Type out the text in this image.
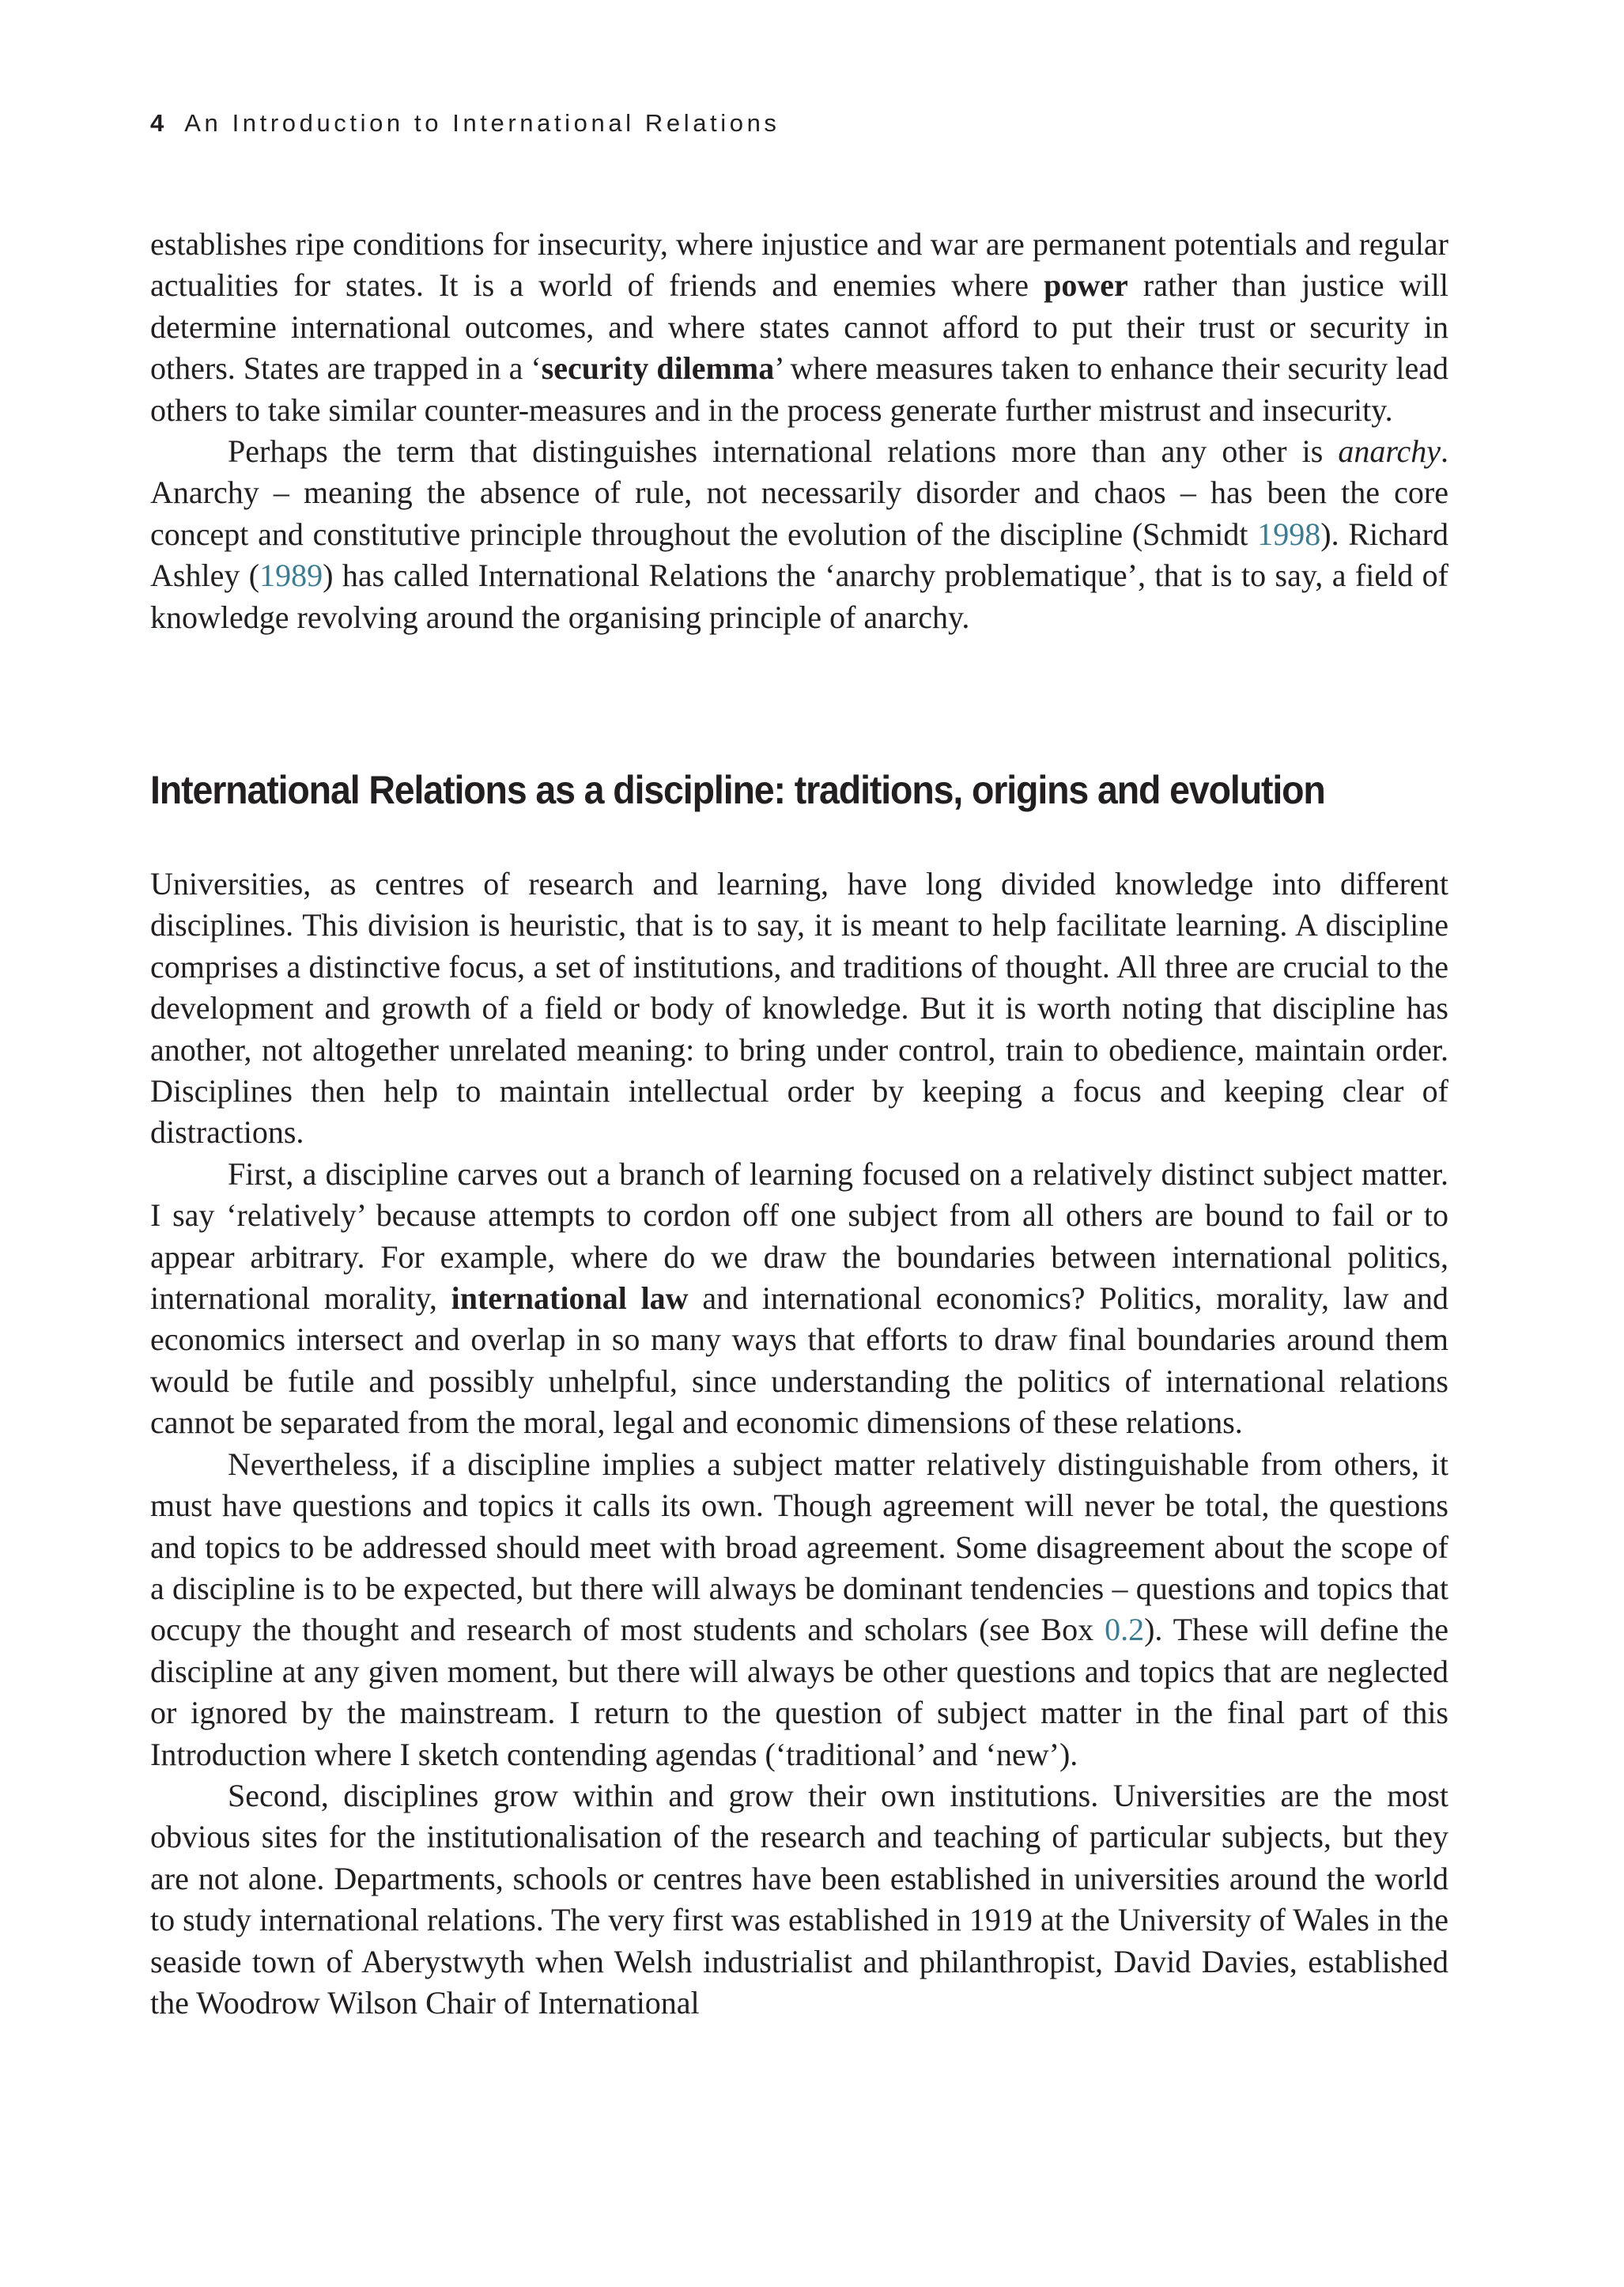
4 An Introduction to International Relations

establishes ripe conditions for insecurity, where injustice and war are permanent potentials and regular actualities for states. It is a world of friends and enemies where power rather than justice will determine international outcomes, and where states cannot afford to put their trust or security in others. States are trapped in a ‘security dilemma’ where measures taken to enhance their security lead others to take similar counter-measures and in the process generate further mistrust and insecurity.

Perhaps the term that distinguishes international relations more than any other is anarchy. Anarchy – meaning the absence of rule, not necessarily disorder and chaos – has been the core concept and constitutive principle throughout the evolution of the discipline (Schmidt 1998). Richard Ashley (1989) has called International Relations the ‘anarchy problematique’, that is to say, a field of knowledge revolving around the organising principle of anarchy.

International Relations as a discipline: traditions, origins and evolution

Universities, as centres of research and learning, have long divided knowledge into different disciplines. This division is heuristic, that is to say, it is meant to help facilitate learning. A discipline comprises a distinctive focus, a set of institutions, and traditions of thought. All three are crucial to the development and growth of a field or body of knowledge. But it is worth noting that discipline has another, not altogether unrelated meaning: to bring under control, train to obedience, maintain order. Disciplines then help to maintain intellectual order by keeping a focus and keeping clear of distractions.

First, a discipline carves out a branch of learning focused on a relatively distinct subject matter. I say ‘relatively’ because attempts to cordon off one subject from all others are bound to fail or to appear arbitrary. For example, where do we draw the boundaries between international politics, international morality, international law and international economics? Politics, morality, law and economics intersect and overlap in so many ways that efforts to draw final boundaries around them would be futile and possibly unhelpful, since understanding the politics of international relations cannot be separated from the moral, legal and economic dimensions of these relations.

Nevertheless, if a discipline implies a subject matter relatively distinguishable from others, it must have questions and topics it calls its own. Though agreement will never be total, the questions and topics to be addressed should meet with broad agreement. Some disagreement about the scope of a discipline is to be expected, but there will always be dominant tendencies – questions and topics that occupy the thought and research of most students and scholars (see Box 0.2). These will define the discipline at any given moment, but there will always be other questions and topics that are neglected or ignored by the mainstream. I return to the question of subject matter in the final part of this Introduction where I sketch contending agendas (‘traditional’ and ‘new’).

Second, disciplines grow within and grow their own institutions. Universities are the most obvious sites for the institutionalisation of the research and teaching of particular subjects, but they are not alone. Departments, schools or centres have been established in universities around the world to study international relations. The very first was established in 1919 at the University of Wales in the seaside town of Aberystwyth when Welsh industrialist and philanthropist, David Davies, established the Woodrow Wilson Chair of International
